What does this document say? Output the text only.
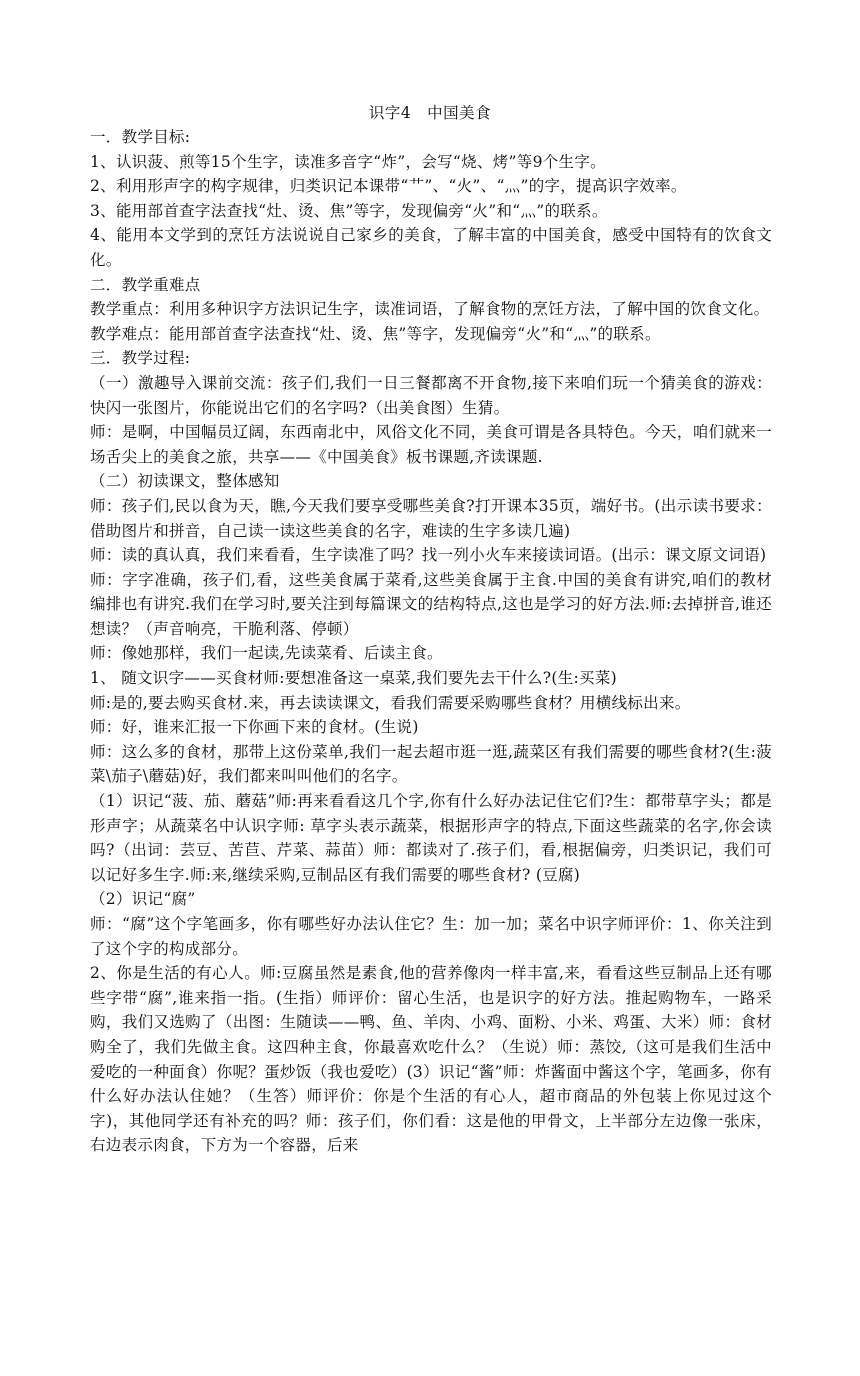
识字4　中国美食

一．教学目标:

1、认识菠、煎等15个生字，读准多音字“炸”，会写“烧、烤”等9个生字。

2、利用形声字的构字规律，归类识记本课带“艹”、“火”、“灬”的字，提高识字效率。

3、能用部首查字法查找“灶、烫、焦”等字，发现偏旁“火”和“灬”的联系。

4、能用本文学到的烹饪方法说说自己家乡的美食，了解丰富的中国美食，感受中国特有的饮食文化。

二．教学重难点

教学重点：利用多种识字方法识记生字，读准词语，了解食物的烹饪方法，了解中国的饮食文化。

教学难点：能用部首查字法查找“灶、烫、焦”等字，发现偏旁“火”和“灬”的联系。

三．教学过程:

（一）激趣导入课前交流：孩子们,我们一日三餐都离不开食物,接下来咱们玩一个猜美食的游戏：快闪一张图片，你能说出它们的名字吗?（出美食图）生猜。

师：是啊，中国幅员辽阔，东西南北中，风俗文化不同，美食可谓是各具特色。今天，咱们就来一场舌尖上的美食之旅，共享——《中国美食》板书课题,齐读课题.

（二）初读课文，整体感知

师：孩子们,民以食为天，瞧,今天我们要享受哪些美食?打开课本35页，端好书。(出示读书要求：借助图片和拼音，自己读一读这些美食的名字，难读的生字多读几遍)

师：读的真认真，我们来看看，生字读准了吗？找一列小火车来接读词语。(出示：课文原文词语)

师：字字准确，孩子们,看，这些美食属于菜肴,这些美食属于主食.中国的美食有讲究,咱们的教材编排也有讲究.我们在学习时,要关注到每篇课文的结构特点,这也是学习的好方法.师:去掉拼音,谁还想读？（声音响亮，干脆利落、停顿）

师：像她那样，我们一起读,先读菜肴、后读主食。

1、 随文识字——买食材师:要想准备这一桌菜,我们要先去干什么?(生:买菜)

师:是的,要去购买食材.来，再去读读课文，看我们需要采购哪些食材？用横线标出来。

师：好，谁来汇报一下你画下来的食材。(生说)

师：这么多的食材，那带上这份菜单,我们一起去超市逛一逛,蔬菜区有我们需要的哪些食材?(生:菠菜\茄子\蘑菇)好，我们都来叫叫他们的名字。

（1）识记“菠、茄、蘑菇”师:再来看看这几个字,你有什么好办法记住它们?生：都带草字头；都是形声字；从蔬菜名中认识字师: 草字头表示蔬菜，根据形声字的特点,下面这些蔬菜的名字,你会读吗?（出词：芸豆、苦苣、芹菜、蒜苗）师：都读对了.孩子们，看,根据偏旁，归类识记，我们可以记好多生字.师:来,继续采购,豆制品区有我们需要的哪些食材? (豆腐)

（2）识记“腐”

师：“腐”这个字笔画多，你有哪些好办法认住它？生：加一加；菜名中识字师评价：1、你关注到了这个字的构成部分。

2、你是生活的有心人。师:豆腐虽然是素食,他的营养像肉一样丰富,来，看看这些豆制品上还有哪些字带“腐”,谁来指一指。(生指）师评价：留心生活，也是识字的好方法。推起购物车，一路采购，我们又选购了（出图：生随读——鸭、鱼、羊肉、小鸡、面粉、小米、鸡蛋、大米）师：食材购全了，我们先做主食。这四种主食，你最喜欢吃什么？（生说）师：蒸饺,（这可是我们生活中爱吃的一种面食）你呢？蛋炒饭（我也爱吃）(3）识记“酱”师：炸酱面中酱这个字，笔画多，你有什么好办法认住她？（生答）师评价：你是个生活的有心人，超市商品的外包装上你见过这个字)，其他同学还有补充的吗？师：孩子们，你们看：这是他的甲骨文，上半部分左边像一张床，右边表示肉食，下方为一个容器，后来
